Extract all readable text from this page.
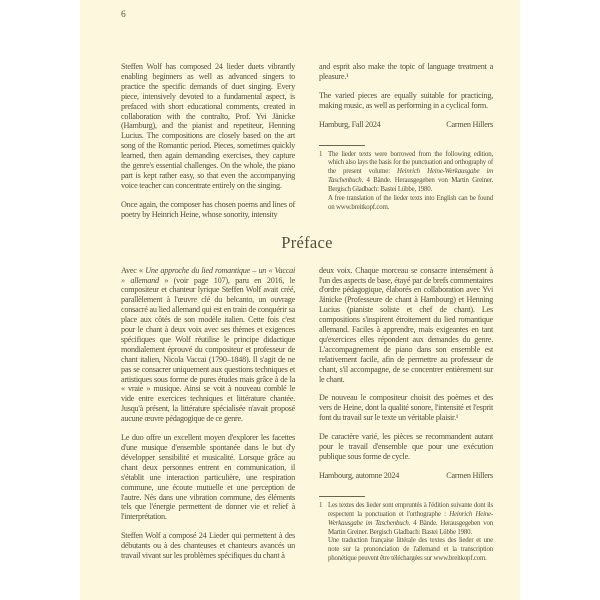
6

Steffen Wolf has composed 24 lieder duets vibrantly enabling beginners as well as advanced singers to practice the specific demands of duet singing. Every piece, intensively devoted to a fundamental aspect, is prefaced with short educational comments, created in collaboration with the contralto, Prof. Yvi Jänicke (Hamburg), and the pianist and repetiteur, Henning Lucius. The compositions are closely based on the art song of the Romantic period. Pieces, sometimes quickly learned, then again demanding exercises, they capture the genre's essential challenges. On the whole, the piano part is kept rather easy, so that even the accompanying voice teacher can concentrate entirely on the singing.

Once again, the composer has chosen poems and lines of poetry by Heinrich Heine, whose sonority, intensity

and esprit also make the topic of language treatment a pleasure.¹

The varied pieces are equally suitable for practicing, making music, as well as performing in a cyclical form.

Hamburg, Fall 2024	Carmen Hillers
1 The lieder texts were borrowed from the following edition, which also lays the basis for the punctuation and orthography of the present volume: Heinrich Heine-Werkausgabe im Taschenbuch. 4 Bände. Herausgegeben von Martin Greiner. Bergisch Gladbach: Bastei Lübbe, 1980.

A free translation of the lieder texts into English can be found on www.breitkopf.com.

Préface

Avec « Une approche du lied romantique – un « Vaccai » allemand » (voir page 107), paru en 2016, le compositeur et chanteur lyrique Steffen Wolf avait créé, parallèlement à l'œuvre clé du belcanto, un ouvrage consacré au lied allemand qui est en train de conquérir sa place aux côtés de son modèle italien. Cette fois c'est pour le chant à deux voix avec ses thèmes et exigences spécifiques que Wolf réutilise le principe didactique mondialement éprouvé du compositeur et professeur de chant italien, Nicola Vaccai (1790–1848). Il s'agit de ne pas se consacrer uniquement aux questions techniques et artistiques sous forme de pures études mais grâce à de la « vraie » musique. Ainsi se voit à nouveau comblé le vide entre exercices techniques et littérature chantée. Jusqu'à présent, la littérature spécialisée n'avait proposé aucune œuvre pédagogique de ce genre.

Le duo offre un excellent moyen d'explorer les facettes d'une musique d'ensemble spontanée dans le but d'y développer sensibilité et musicalité. Lorsque grâce au chant deux personnes entrent en communication, il s'établit une interaction particulière, une respiration commune, une écoute mutuelle et une perception de l'autre. Nés dans une vibration commune, des éléments tels que l'énergie permettent de donner vie et relief à l'interprétation.

Steffen Wolf a composé 24 Lieder qui permettent à des débutants ou à des chanteuses et chanteurs avancés un travail vivant sur les problèmes spécifiques du chant à

deux voix. Chaque morceau se consacre intensément à l'un des aspects de base, étayé par de brefs commentaires d'ordre pédagogique, élaborés en collaboration avec Yvi Jänicke (Professeure de chant à Hambourg) et Henning Lucius (pianiste soliste et chef de chant). Les compositions s'inspirent étroitement du lied romantique allemand. Faciles à apprendre, mais exigeantes en tant qu'exercices elles répondent aux demandes du genre. L'accompagnement de piano dans son ensemble est relativement facile, afin de permettre au professeur de chant, s'il accompagne, de se concentrer entièrement sur le chant.

De nouveau le compositeur choisit des poèmes et des vers de Heine, dont la qualité sonore, l'intensité et l'esprit font du travail sur le texte un véritable plaisir.¹

De caractère varié, les pièces se recommandent autant pour le travail d'ensemble que pour une exécution publique sous forme de cycle.

Hambourg, automne 2024	Carmen Hillers
1 Les textes des lieder sont empruntés à l'édition suivante dont ils respectent la ponctuation et l'orthographe : Heinrich Heine-Werkausgabe im Taschenbuch. 4 Bände. Herausgegeben von Martin Greiner. Bergisch Gladbach: Bastei Lübbe 1980.

Une traduction française littérale des textes des lieder et une note sur la prononciation de l'allemand et la transcription phonétique peuvent être téléchargées sur www.breitkopf.com.
